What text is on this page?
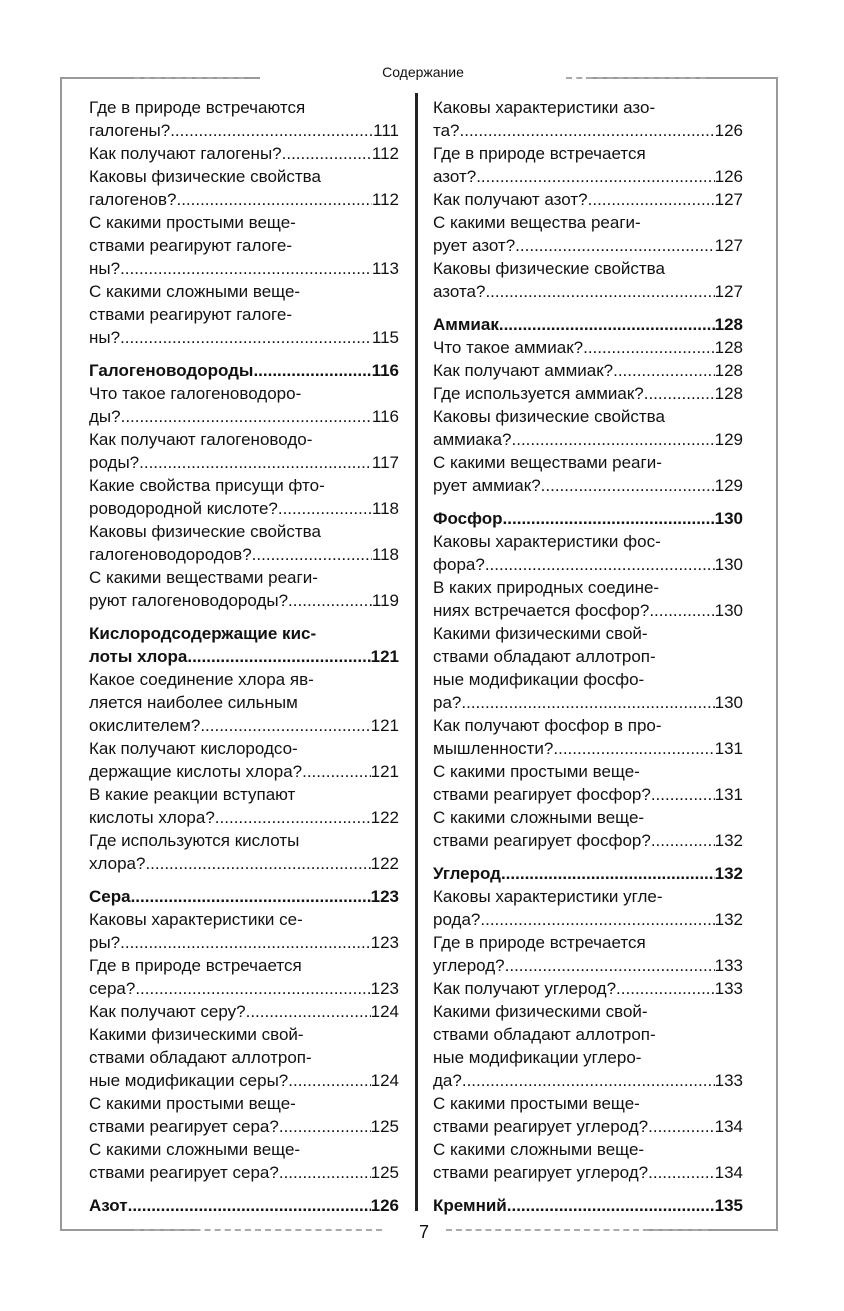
Содержание
Где в природе встречаются
галогены? .....	111
Как получают галогены? .....	112
Каковы физические свойства
галогенов? .....	112
С какими простыми веще-
ствами реагируют галоге-
ны? .....	113
С какими сложными веще-
ствами реагируют галоге-
ны? .....	115
Галогеноводороды .....	116
Что такое галогеноводоро-
ды? .....	116
Как получают галогеноводо-
роды? .....	117
Какие свойства присущи фто-
роводородной кислоте? .....	118
Каковы физические свойства
галогеноводородов? .....	118
С какими веществами реаги-
руют галогеноводороды? .....	119
Кислородсодержащие кис-
лоты хлора .....	121
Какое соединение хлора яв-
ляется наиболее сильным
окислителем? .....	121
Как получают кислородсо-
держащие кислоты хлора? .....	121
В какие реакции вступают
кислоты хлора? .....	122
Где используются кислоты
хлора? .....	122
Сера .....	123
Каковы характеристики се-
ры? .....	123
Где в природе встречается
сера? .....	123
Как получают серу? .....	124
Какими физическими свой-
ствами обладают аллотроп-
ные модификации серы? .....	124
С какими простыми веще-
ствами реагирует сера? .....	125
С какими сложными веще-
ствами реагирует сера? .....	125
Азот .....	126
Каковы характеристики азо-
та? .....	126
Где в природе встречается
азот? .....	126
Как получают азот? .....	127
С какими вещества реаги-
рует азот? .....	127
Каковы физические свойства
азота? .....	127
Аммиак .....	128
Что такое аммиак? .....	128
Как получают аммиак? .....	128
Где используется аммиак? .....	128
Каковы физические свойства
аммиака? .....	129
С какими веществами реаги-
рует аммиак? .....	129
Фосфор .....	130
Каковы характеристики фос-
фора? .....	130
В каких природных соедине-
ниях встречается фосфор? .....	130
Какими физическими свой-
ствами обладают аллотроп-
ные модификации фосфо-
ра? .....	130
Как получают фосфор в про-
мышленности? .....	131
С какими простыми веще-
ствами реагирует фосфор? .....	131
С какими сложными веще-
ствами реагирует фосфор? .....	132
Углерод .....	132
Каковы характеристики угле-
рода? .....	132
Где в природе встречается
углерод? .....	133
Как получают углерод? .....	133
Какими физическими свой-
ствами обладают аллотроп-
ные модификации углеро-
да? .....	133
С какими простыми веще-
ствами реагирует углерод? .....	134
С какими сложными веще-
ствами реагирует углерод? .....	134
Кремний .....	135
7
